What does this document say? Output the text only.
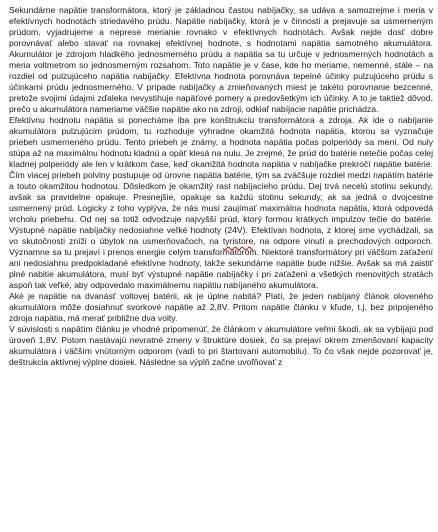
Sekundárne napätie transformátora, ktorý je základnou čast‌ou nabíjačky, sa udáva a samozrejme i meria v efektívnych hodnotách striedavého prúdu. Napätie nabíjačky, ktorá je v činnosti a prejavuje sa usmerneným prúdom, vyjadrujeme a neprese merianie rovnako v efektívnych hodnotách. Avšak nejde dosť dobre porovnávať alebo stavať na rovnakej efektívnej hodnote, s hodnotami napätia samotného akumulátora. Akumulátor je zdrojom hladkého jednosmerného prúdu a napätia sa tu určuje v jednosmerných hodnotách a meria voltmetrom so jednosmerným rozsahom. Toto napätie je v čase, kde ho meriame, nemenné, stále – na rozdiel od pulzujúceho napätia nabíjačky. Efektívna hodnota porovnáva tepelné účinky pulzujúceho prúdu s účinkami prúdu jednosmerného. V prípade nabíjačky a zmieňovaných miest je takéto porovnanie bezcenné, pretože svojimi údajmi zďaleka nevystihuje napäťové pomery a predovšetkým ich účinky. A to je taktiež dôvod, prečo u akumulátora nameriame väčšie napätie ako na zdroji, odkiaľ nabíjacie napätie prichádza.

Efektívnu hodnotu napätia si ponecháme iba pre konštrukciu transformátora a zdroja. Ak ide o nabíjanie akumulátora pulzujúcim prúdom, tu rozhoduje výhradne okamžitá hodnota napätia, ktorou sa vyznačuje priebeh usmerneného prúdu. Tento priebeh je známy, a hodnota napätia počas polperiódy sa mení. Od nuly stúpa až na maximálnu hodnotu kladnú a opäť klesá na nulu. Je zrejmé, že prúd do batérie netečie počas celej kladnej polperiódy ale len v krátkom čase, keď okamžitá hodnota napätia v nabíjačke prekročí napätie batérie. Čím viacej priebeh polvlny postupuje od úrovne napätia batérie, tým sa zväčšuje rozdiel medzi napätím batérie a touto okamžitou hodnotou. Dôsledkom je okamžitý rast nabíjacieho prúdu. Dej trvá necelú stotinu sekundy, avšak sa pravidelne opakuje. Presnejšie, opakuje sa každú stotinu sekundy, ak sa jedná o dvojcestne usmernený prúd. Logicky z toho vyplýva, že nás musí zaujímať maximálna hodnota napätia, ktorá odpovedá vrcholu priebehu. Od nej sa totiž odvodzuje najvyšší prúd, ktorý formou krátkych impulzov tečie do batérie. Výstupné napätie nabíjačky nedosiahne veľké hodnoty (24V). Efektívan hodnota, z ktorej sme vychádzali, sa vo skutočnosti zníži o úbytok na usmerňovačoch, na tyristore, na odpore vinutí a prechodových odporoch. Významne sa tu prejaví i prenos energie celým transformátorom. Niektoré transformátory pri väčšom zaťažení ani nedosiahnu predpokladané efektívne hodnoty, takže sekundárne napätie bude nižšie. Avšak sa má zaistiť plné nabitie akumulátora, musí byť výstupné napätie nabíjačky i pri zaťažení a všetkých menovitých stratách aspoň tak veľké, aby odpovedalo maximálnemu napätiu nabíjaného akumulátora.

Aké je napätie na dvanásť voltovej batérii, ak je úplne nabitá? Platí, že jeden nabíjaný článok oloveného akumulátora môže dosiahnuť svorkové napätie až 2,8V. Pritom napätie článku v kľude, t.j. bez pripojeného zdroja napätia, má merať približne dva volty.

V súvislosti s napätím článku je vhodné pripomenúť, že článkom v akumulátore veľmi škodí, ak sa vybíjajú pod úroveň 1,8V. Potom nastávajú nevratné zmeny v štruktúre dosiek, čo sa prejaví okrem zmenšovaní kapacity akumulátora i väčším vnútorným odporom (vadí to pri štartovaní automobilu). To čo však nejde pozorovať je, deštrukcia aktívnej výplne dosiek. Následne sa výplň začne uvoľňovať z
